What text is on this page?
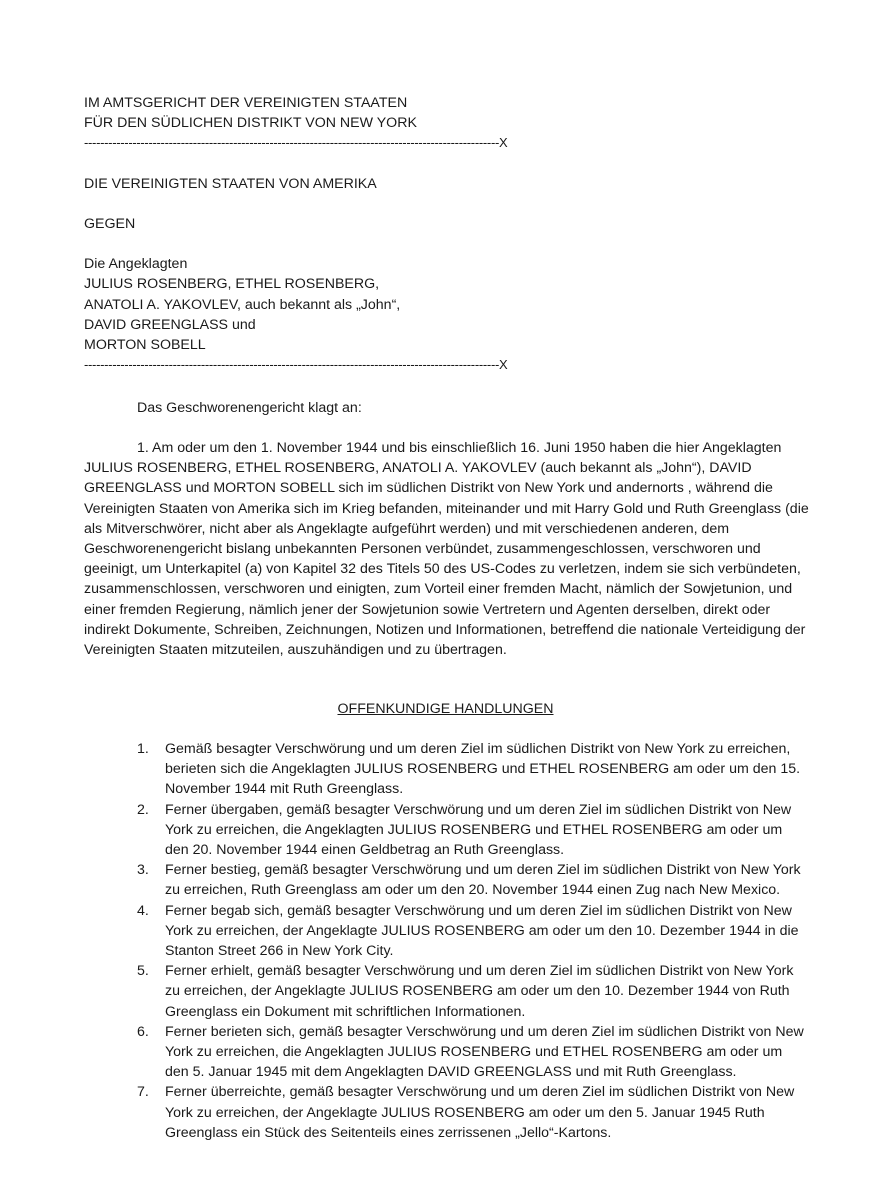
IM AMTSGERICHT DER VEREINIGTEN STAATEN
FÜR DEN SÜDLICHEN DISTRIKT VON NEW YORK
-------------------------------------------------------------------------------------------------------X
DIE VEREINIGTEN STAATEN VON AMERIKA
GEGEN
Die Angeklagten
JULIUS ROSENBERG, ETHEL ROSENBERG,
ANATOLI A. YAKOVLEV, auch bekannt als „John“,
DAVID GREENGLASS und
MORTON SOBELL
-------------------------------------------------------------------------------------------------------X
Das Geschworenengericht klagt an:
1. Am oder um den 1. November 1944 und bis einschließlich 16. Juni 1950 haben die hier Angeklagten JULIUS ROSENBERG, ETHEL ROSENBERG, ANATOLI A. YAKOVLEV (auch bekannt als „John“), DAVID GREENGLASS und MORTON SOBELL sich im südlichen Distrikt von New York und andernorts , während die Vereinigten Staaten von Amerika sich im Krieg befanden, miteinander und mit Harry Gold und Ruth Greenglass (die als Mitverschwörer, nicht aber als Angeklagte aufgeführt werden) und mit verschiedenen anderen, dem Geschworenengericht bislang unbekannten Personen verbündet, zusammengeschlossen, verschworen und geeinigt, um Unterkapitel (a) von Kapitel 32 des Titels 50 des US-Codes zu verletzen, indem sie sich verbündeten, zusammenschlossen, verschworen und einigten, zum Vorteil einer fremden Macht, nämlich der Sowjetunion, und einer fremden Regierung, nämlich jener der Sowjetunion sowie Vertretern und Agenten derselben, direkt oder indirekt Dokumente, Schreiben, Zeichnungen, Notizen und Informationen, betreffend die nationale Verteidigung der Vereinigten Staaten mitzuteilen, auszuhändigen und zu übertragen.
OFFENKUNDIGE HANDLUNGEN
1. Gemäß besagter Verschwörung und um deren Ziel im südlichen Distrikt von New York zu erreichen, berieten sich die Angeklagten JULIUS ROSENBERG und ETHEL ROSENBERG am oder um den 15. November 1944 mit Ruth Greenglass.
2. Ferner übergaben, gemäß besagter Verschwörung und um deren Ziel im südlichen Distrikt von New York zu erreichen, die Angeklagten JULIUS ROSENBERG und ETHEL ROSENBERG am oder um den 20. November 1944 einen Geldbetrag an Ruth Greenglass.
3. Ferner bestieg, gemäß besagter Verschwörung und um deren Ziel im südlichen Distrikt von New York zu erreichen, Ruth Greenglass am oder um den 20. November 1944 einen Zug nach New Mexico.
4. Ferner begab sich, gemäß besagter Verschwörung und um deren Ziel im südlichen Distrikt von New York zu erreichen, der Angeklagte JULIUS ROSENBERG am oder um den 10. Dezember 1944 in die Stanton Street 266 in New York City.
5. Ferner erhielt, gemäß besagter Verschwörung und um deren Ziel im südlichen Distrikt von New York zu erreichen, der Angeklagte JULIUS ROSENBERG am oder um den 10. Dezember 1944 von Ruth Greenglass ein Dokument mit schriftlichen Informationen.
6. Ferner berieten sich, gemäß besagter Verschwörung und um deren Ziel im südlichen Distrikt von New York zu erreichen, die Angeklagten JULIUS ROSENBERG und ETHEL ROSENBERG am oder um den 5. Januar 1945 mit dem Angeklagten DAVID GREENGLASS und mit Ruth Greenglass.
7. Ferner überreichte, gemäß besagter Verschwörung und um deren Ziel im südlichen Distrikt von New York zu erreichen, der Angeklagte JULIUS ROSENBERG am oder um den 5. Januar 1945 Ruth Greenglass ein Stück des Seitenteils eines zerrissenen „Jello“-Kartons.
